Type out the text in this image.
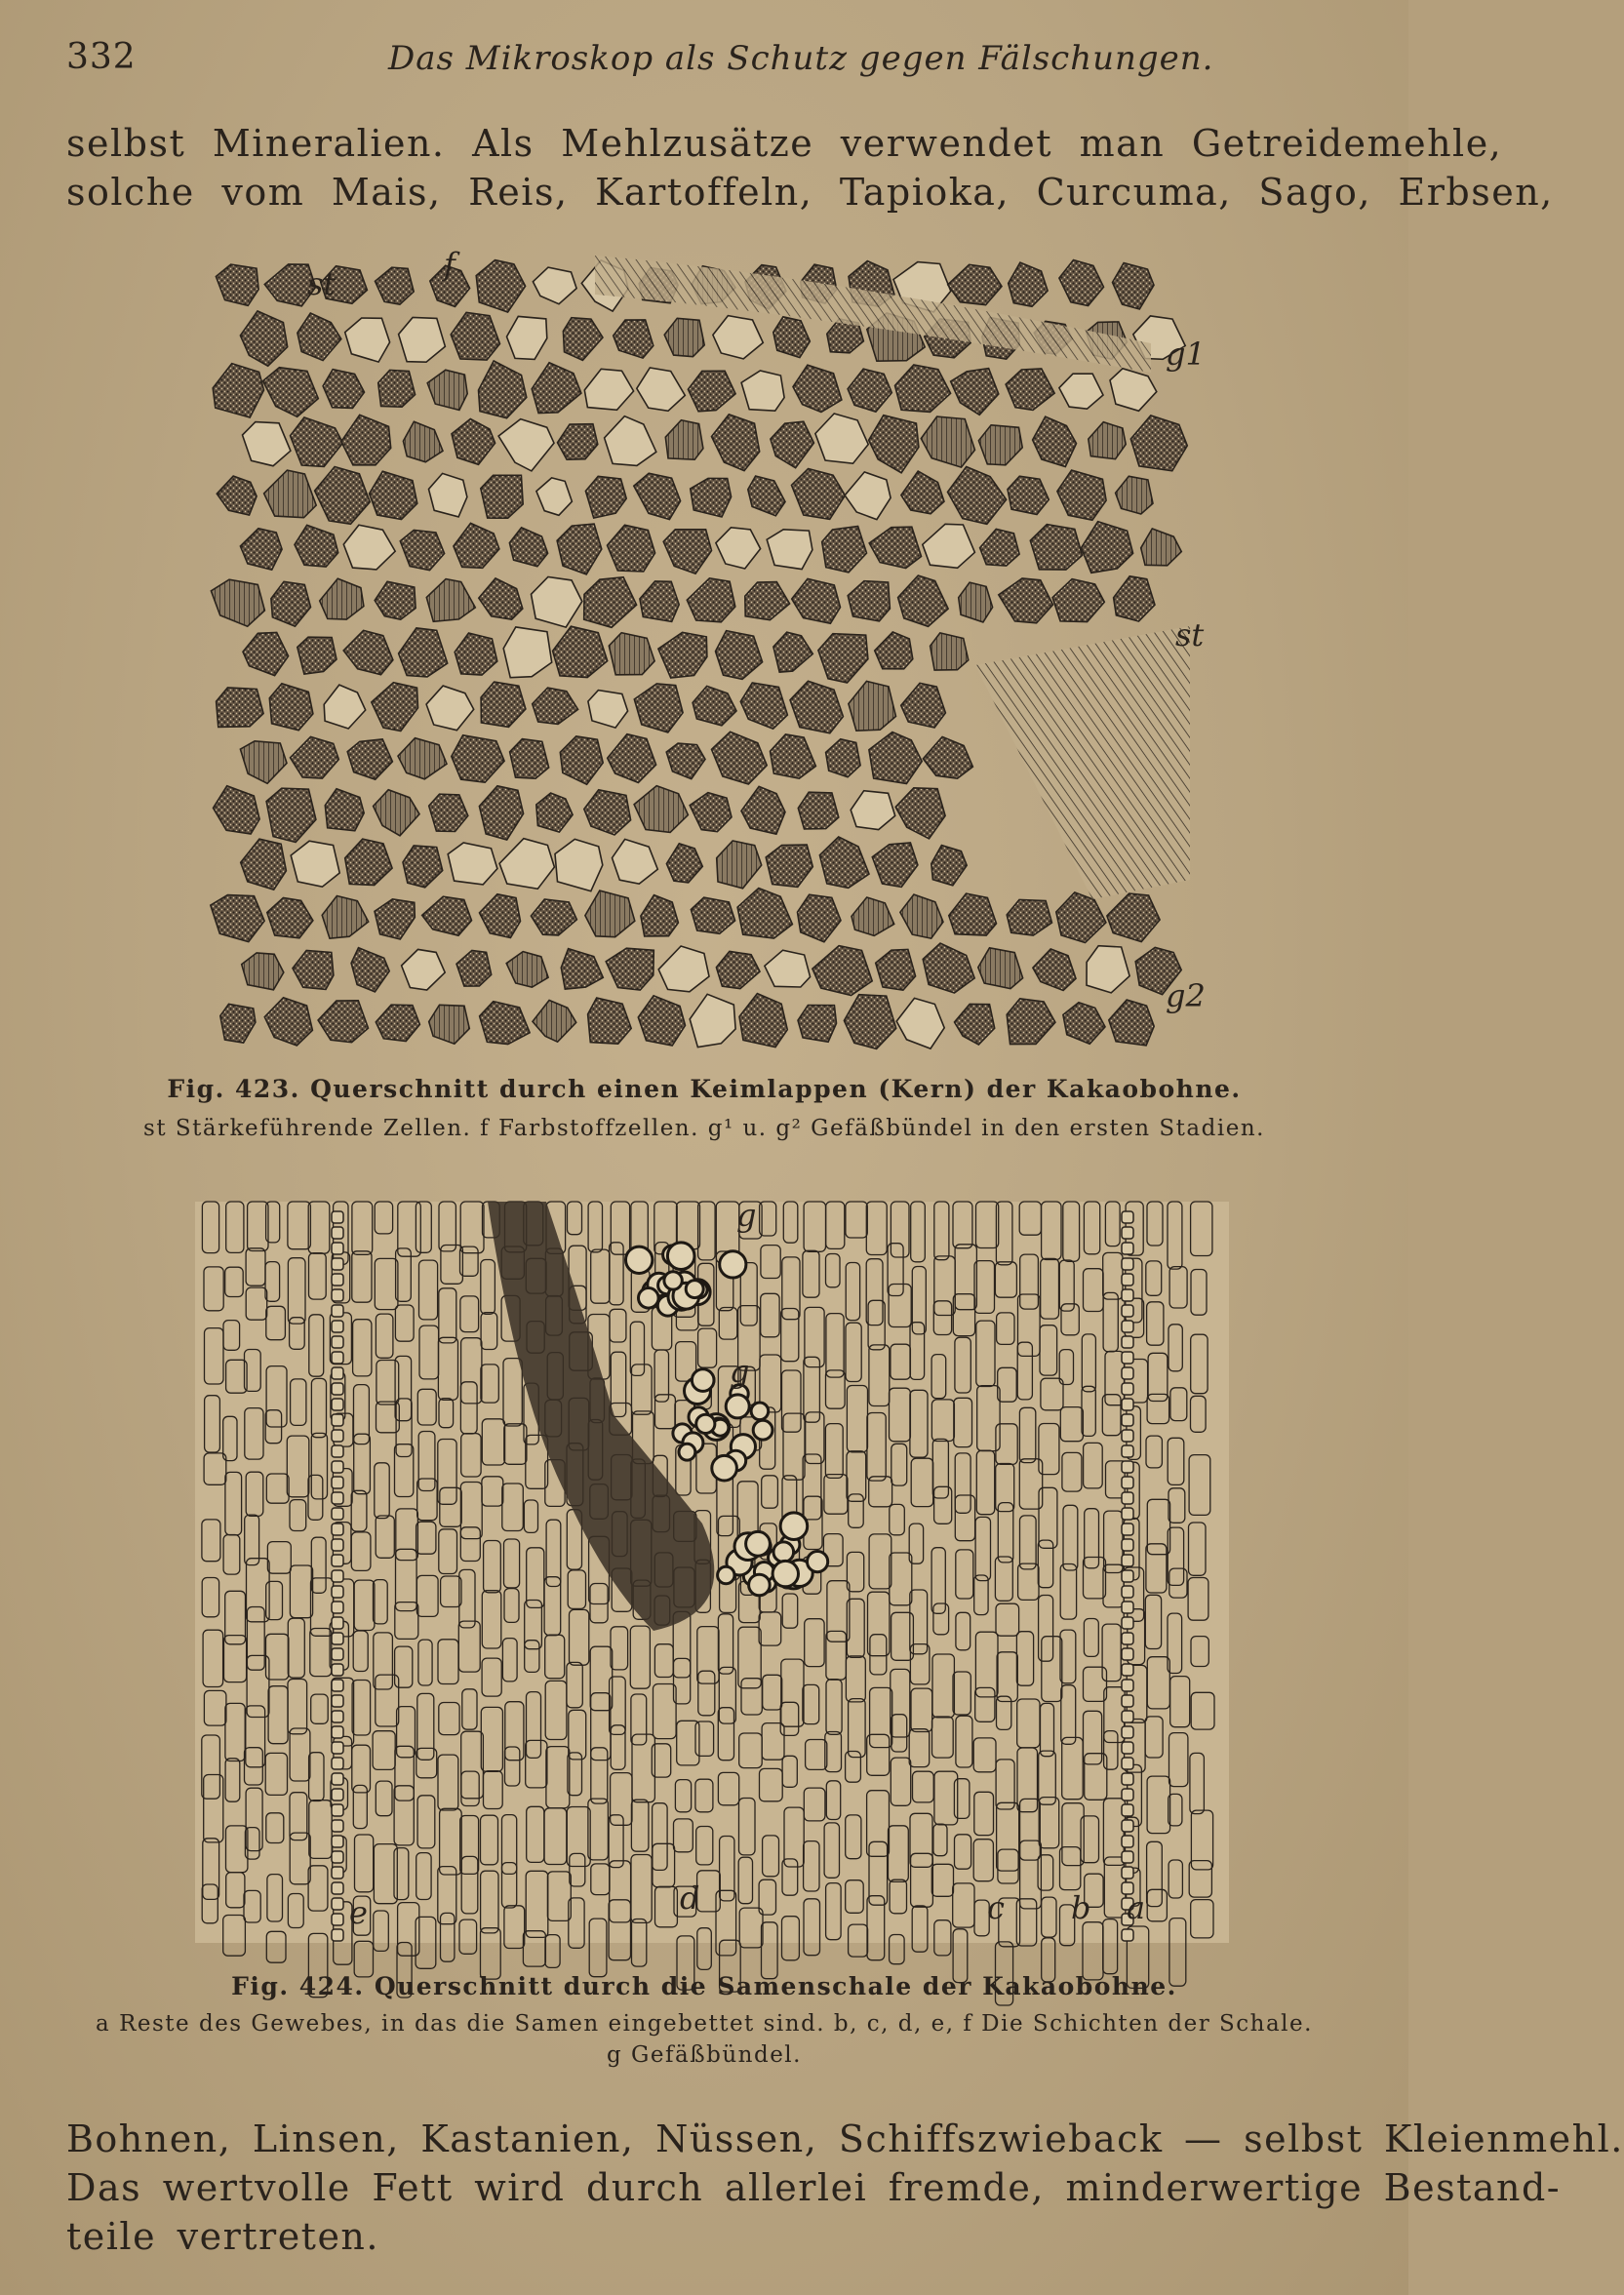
332	Das Mikroskop als Schutz gegen Fälschungen.
selbst Mineralien. Als Mehlzusätze verwendet man Getreidemehle,
solche vom Mais, Reis, Kartoffeln, Tapioka, Curcuma, Sago, Erbsen,
st
f
g1
st
g2
Fig. 423. Querschnitt durch einen Keimlappen (Kern) der Kakaobohne.
st Stärkeführende Zellen. f Farbstoffzellen. g¹ u. g² Gefäßbündel in den ersten Stadien.
g
g
e	d	c b a
Fig. 424. Querschnitt durch die Samenschale der Kakaobohne.
a Reste des Gewebes, in das die Samen eingebettet sind. b, c, d, e, f Die Schichten der Schale.
g Gefäßbündel.
Bohnen, Linsen, Kastanien, Nüssen, Schiffszwieback — selbst Kleienmehl.
Das wertvolle Fett wird durch allerlei fremde, minderwertige Bestand-
teile vertreten.
